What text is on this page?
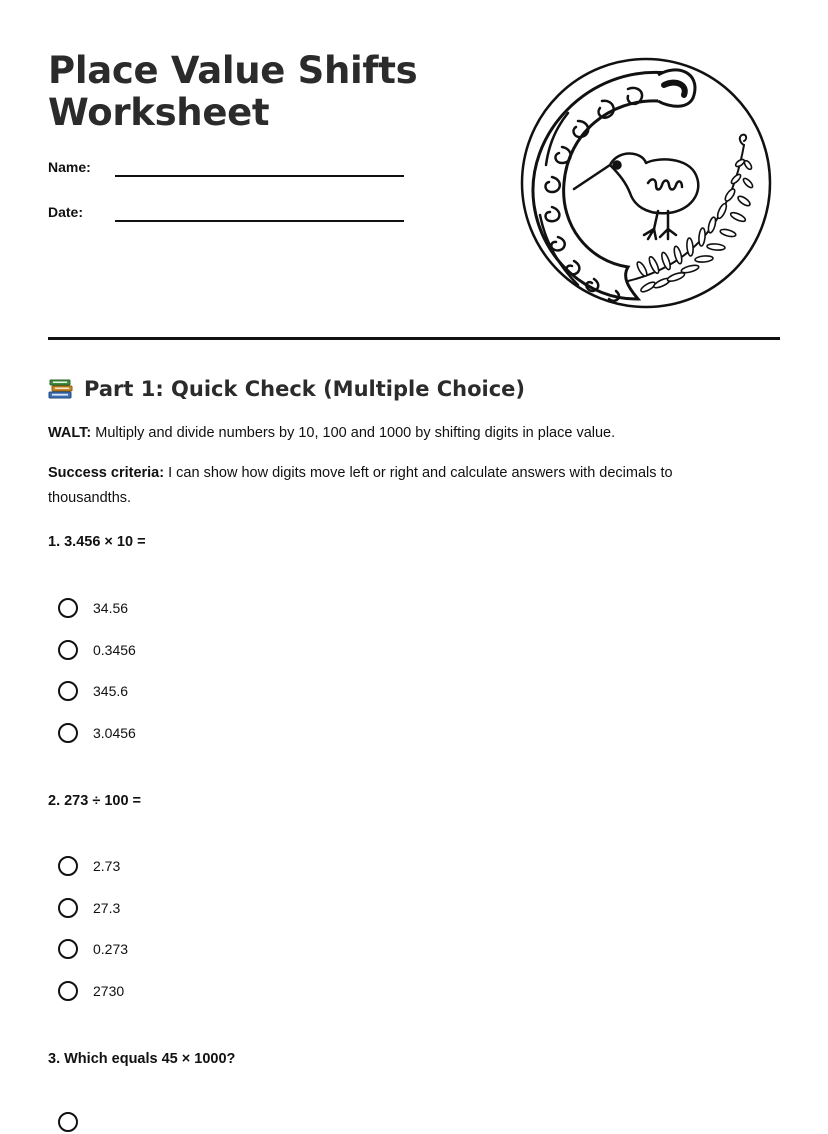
Place Value Shifts
Worksheet
Name:
Date:
Part 1: Quick Check (Multiple Choice)

WALT: Multiply and divide numbers by 10, 100 and 1000 by shifting digits in place value.

Success criteria: I can show how digits move left or right and calculate answers with decimals to thousandths.

1. 3.456 × 10 =

34.56
0.3456
345.6
3.0456

2. 273 ÷ 100 =

2.73
27.3
0.273
2730

3. Which equals 45 × 1000?
